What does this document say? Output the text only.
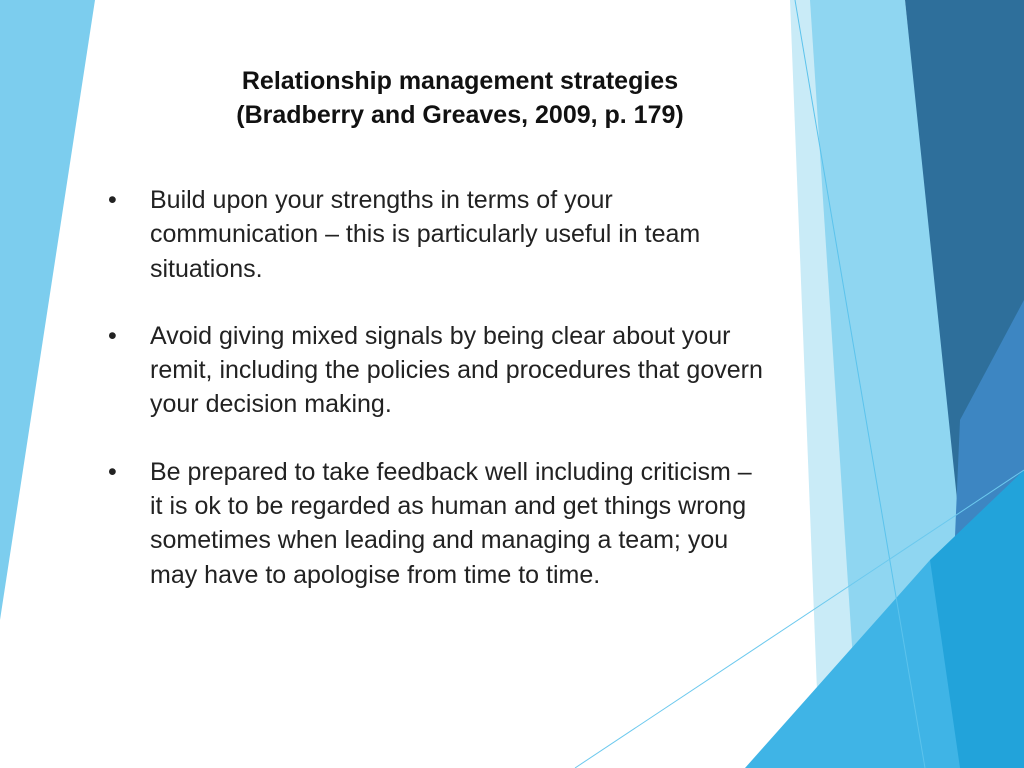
Relationship management strategies
(Bradberry and Greaves, 2009, p. 179)
• Build upon your strengths in terms of your communication – this is particularly useful in team situations.
• Avoid giving mixed signals by being clear about your remit, including the policies and procedures that govern your decision making.
• Be prepared to take feedback well including criticism – it is ok to be regarded as human and get things wrong sometimes when leading and managing a team; you may have to apologise from time to time.
